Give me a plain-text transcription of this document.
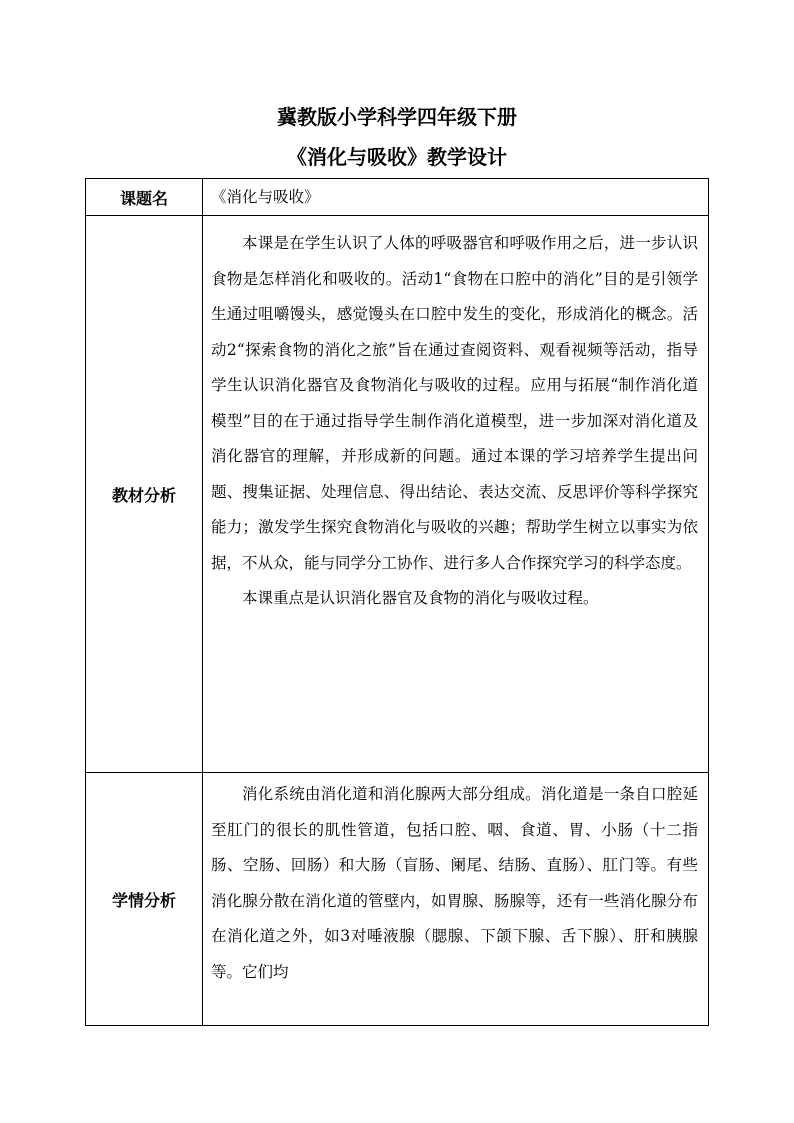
冀教版小学科学四年级下册
《消化与吸收》教学设计
课题名	《消化与吸收》
教材分析	本课是在学生认识了人体的呼吸器官和呼吸作用之后，进一步认识食物是怎样消化和吸收的。活动1“食物在口腔中的消化”目的是引领学生通过咀嚼馒头，感觉馒头在口腔中发生的变化，形成消化的概念。活动2“探索食物的消化之旅”旨在通过查阅资料、观看视频等活动，指导学生认识消化器官及食物消化与吸收的过程。应用与拓展“制作消化道模型”目的在于通过指导学生制作消化道模型，进一步加深对消化道及消化器官的理解，并形成新的问题。通过本课的学习培养学生提出问题、搜集证据、处理信息、得出结论、表达交流、反思评价等科学探究能力；激发学生探究食物消化与吸收的兴趣；帮助学生树立以事实为依据，不从众，能与同学分工协作、进行多人合作探究学习的科学态度。

本课重点是认识消化器官及食物的消化与吸收过程。

学情分析	消化系统由消化道和消化腺两大部分组成。消化道是一条自口腔延至肛门的很长的肌性管道，包括口腔、咽、食道、胃、小肠（十二指肠、空肠、回肠）和大肠（盲肠、阑尾、结肠、直肠）、肛门等。有些消化腺分散在消化道的管壁内，如胃腺、肠腺等，还有一些消化腺分布在消化道之外，如3对唾液腺（腮腺、下颌下腺、舌下腺）、肝和胰腺等。它们均
